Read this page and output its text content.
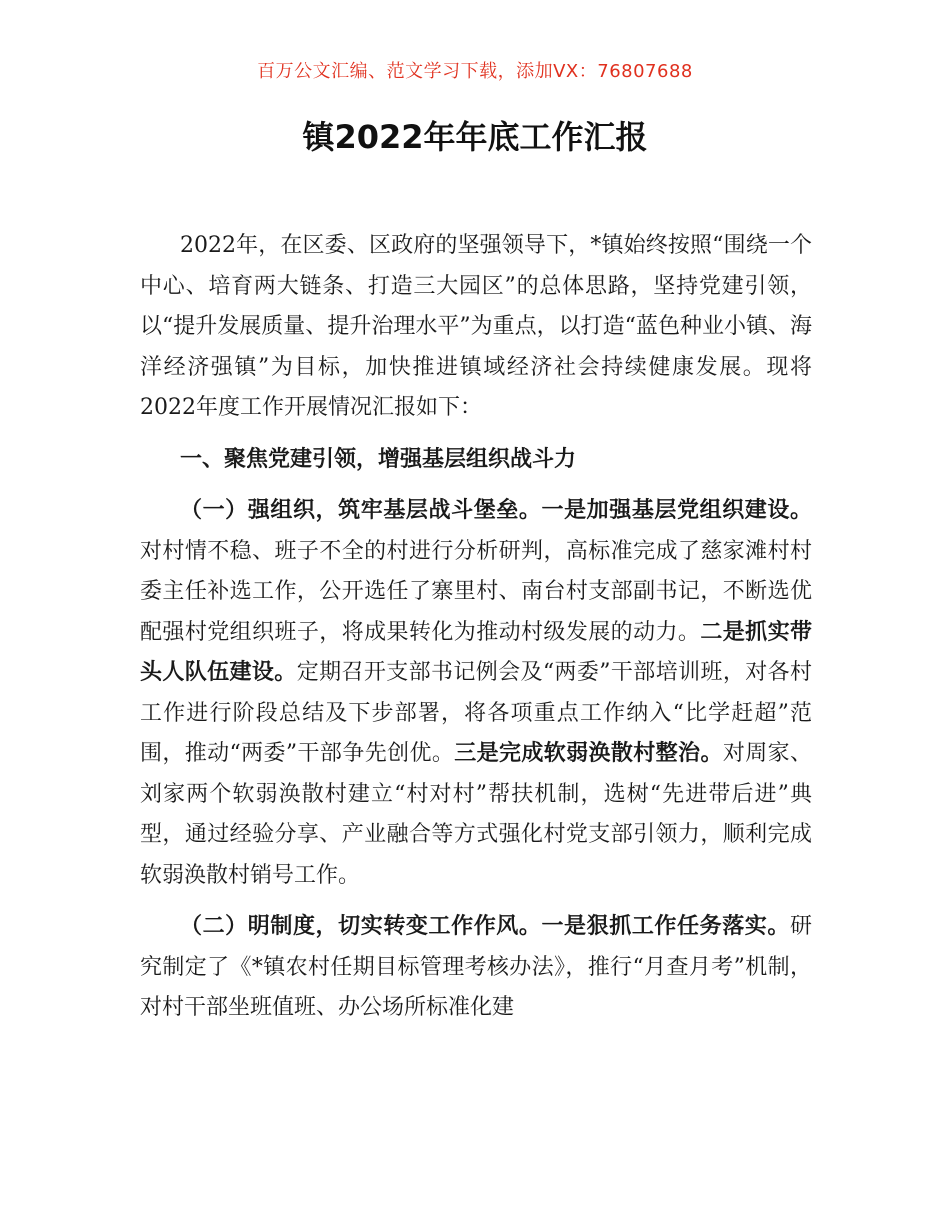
百万公文汇编、范文学习下载，添加VX：76807688
镇2022年年底工作汇报

2022年，在区委、区政府的坚强领导下，*镇始终按照“围绕一个中心、培育两大链条、打造三大园区”的总体思路，坚持党建引领，以“提升发展质量、提升治理水平”为重点，以打造“蓝色种业小镇、海洋经济强镇”为目标，加快推进镇域经济社会持续健康发展。现将2022年度工作开展情况汇报如下：

一、聚焦党建引领，增强基层组织战斗力

（一）强组织，筑牢基层战斗堡垒。一是加强基层党组织建设。对村情不稳、班子不全的村进行分析研判，高标准完成了慈家滩村村委主任补选工作，公开选任了寨里村、南台村支部副书记，不断选优配强村党组织班子，将成果转化为推动村级发展的动力。二是抓实带头人队伍建设。定期召开支部书记例会及“两委”干部培训班，对各村工作进行阶段总结及下步部署，将各项重点工作纳入“比学赶超”范围，推动“两委”干部争先创优。三是完成软弱涣散村整治。对周家、刘家两个软弱涣散村建立“村对村”帮扶机制，选树“先进带后进”典型，通过经验分享、产业融合等方式强化村党支部引领力，顺利完成软弱涣散村销号工作。

（二）明制度，切实转变工作作风。一是狠抓工作任务落实。研究制定了《*镇农村任期目标管理考核办法》，推行“月查月考”机制，对村干部坐班值班、办公场所标准化建
